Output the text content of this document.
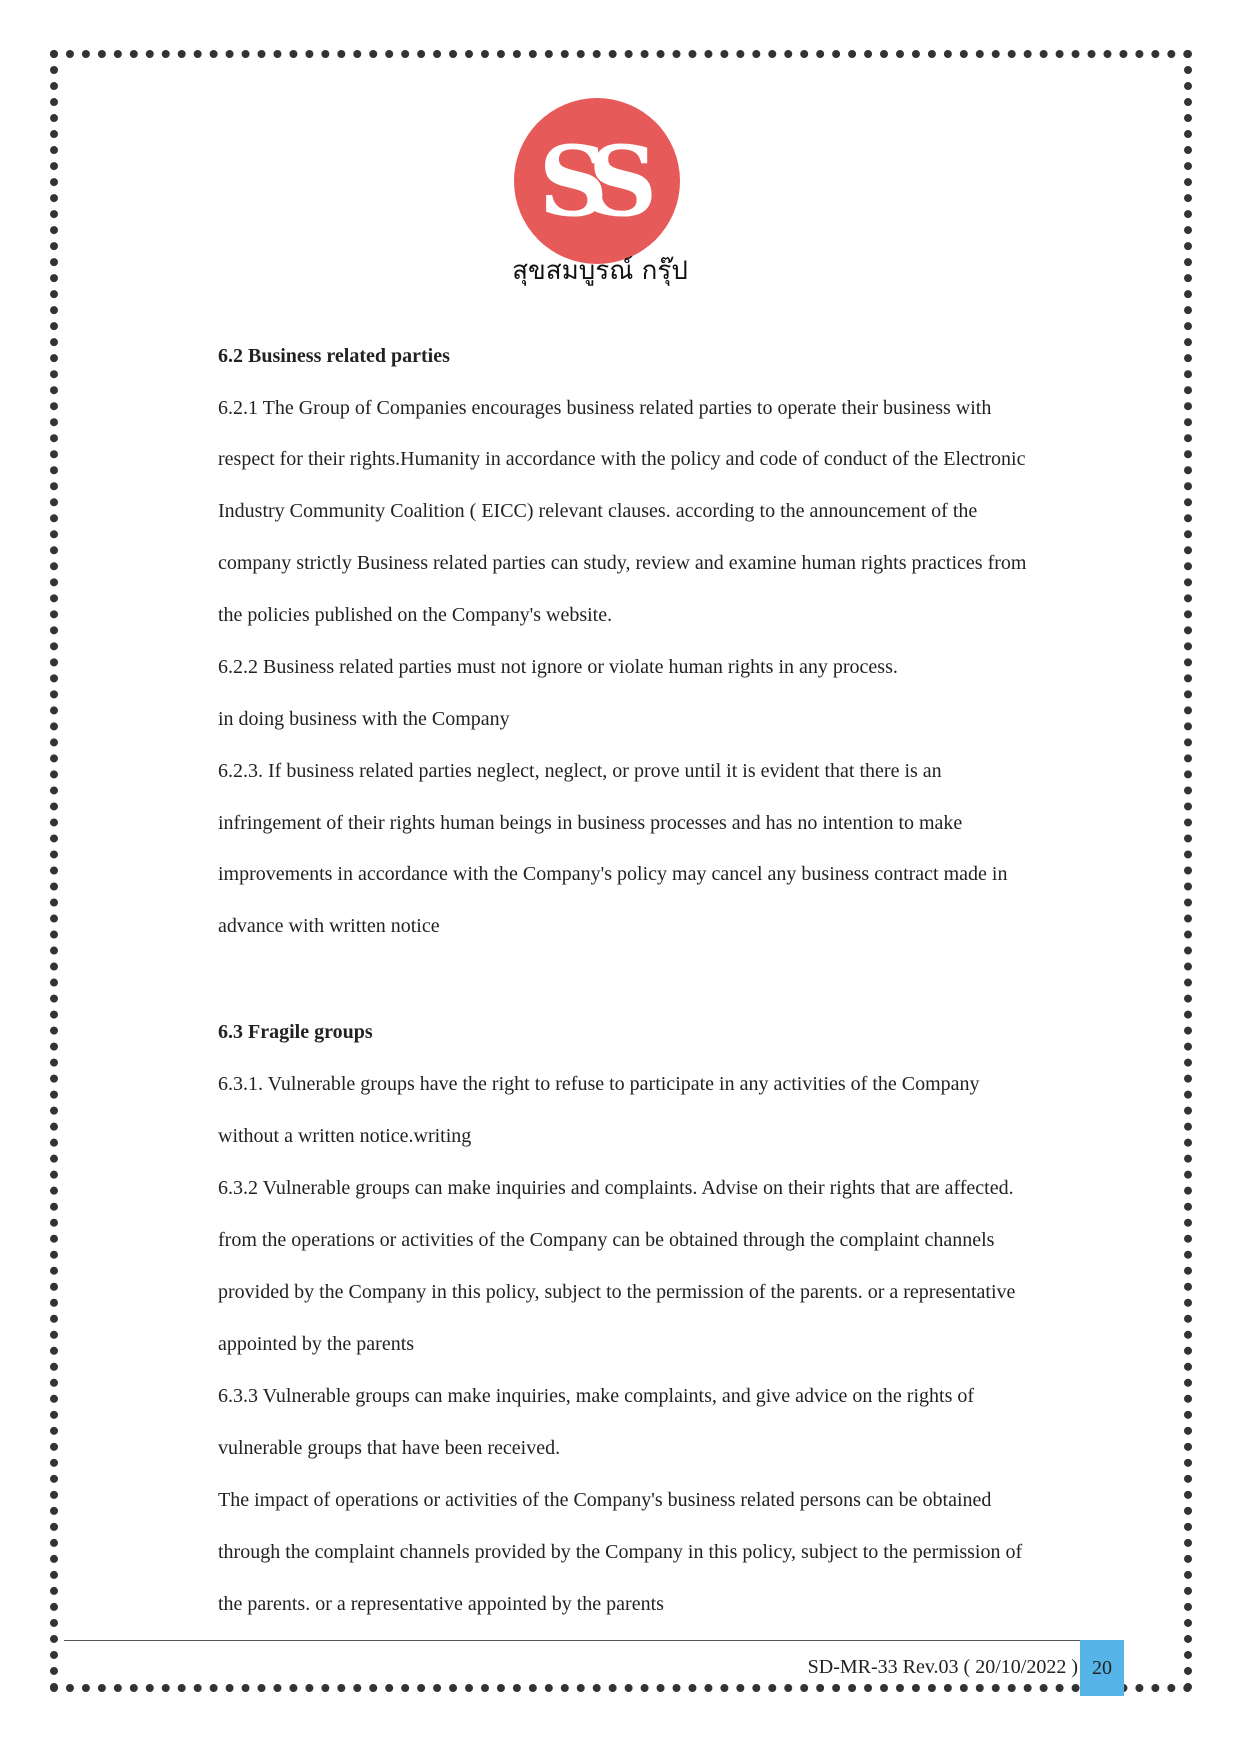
SS
สุขสมบูรณ์ กรุ๊ป
6.2 Business related parties
6.2.1 The Group of Companies encourages business related parties to operate their business with
respect for their rights.Humanity in accordance with the policy and code of conduct of the Electronic
Industry Community Coalition ( EICC) relevant clauses. according to the announcement of the
company strictly Business related parties can study, review and examine human rights practices from
the policies published on the Company's website.
6.2.2 Business related parties must not ignore or violate human rights in any process.
in doing business with the Company
6.2.3. If business related parties neglect, neglect, or prove until it is evident that there is an
infringement of their rights human beings in business processes and has no intention to make
improvements in accordance with the Company's policy may cancel any business contract made in
advance with written notice
6.3 Fragile groups
6.3.1. Vulnerable groups have the right to refuse to participate in any activities of the Company
without a written notice.writing
6.3.2 Vulnerable groups can make inquiries and complaints. Advise on their rights that are affected.
from the operations or activities of the Company can be obtained through the complaint channels
provided by the Company in this policy, subject to the permission of the parents. or a representative
appointed by the parents
6.3.3 Vulnerable groups can make inquiries, make complaints, and give advice on the rights of
vulnerable groups that have been received.
The impact of operations or activities of the Company's business related persons can be obtained
through the complaint channels provided by the Company in this policy, subject to the permission of
the parents. or a representative appointed by the parents
SD-MR-33 Rev.03 ( 20/10/2022 ) 20
